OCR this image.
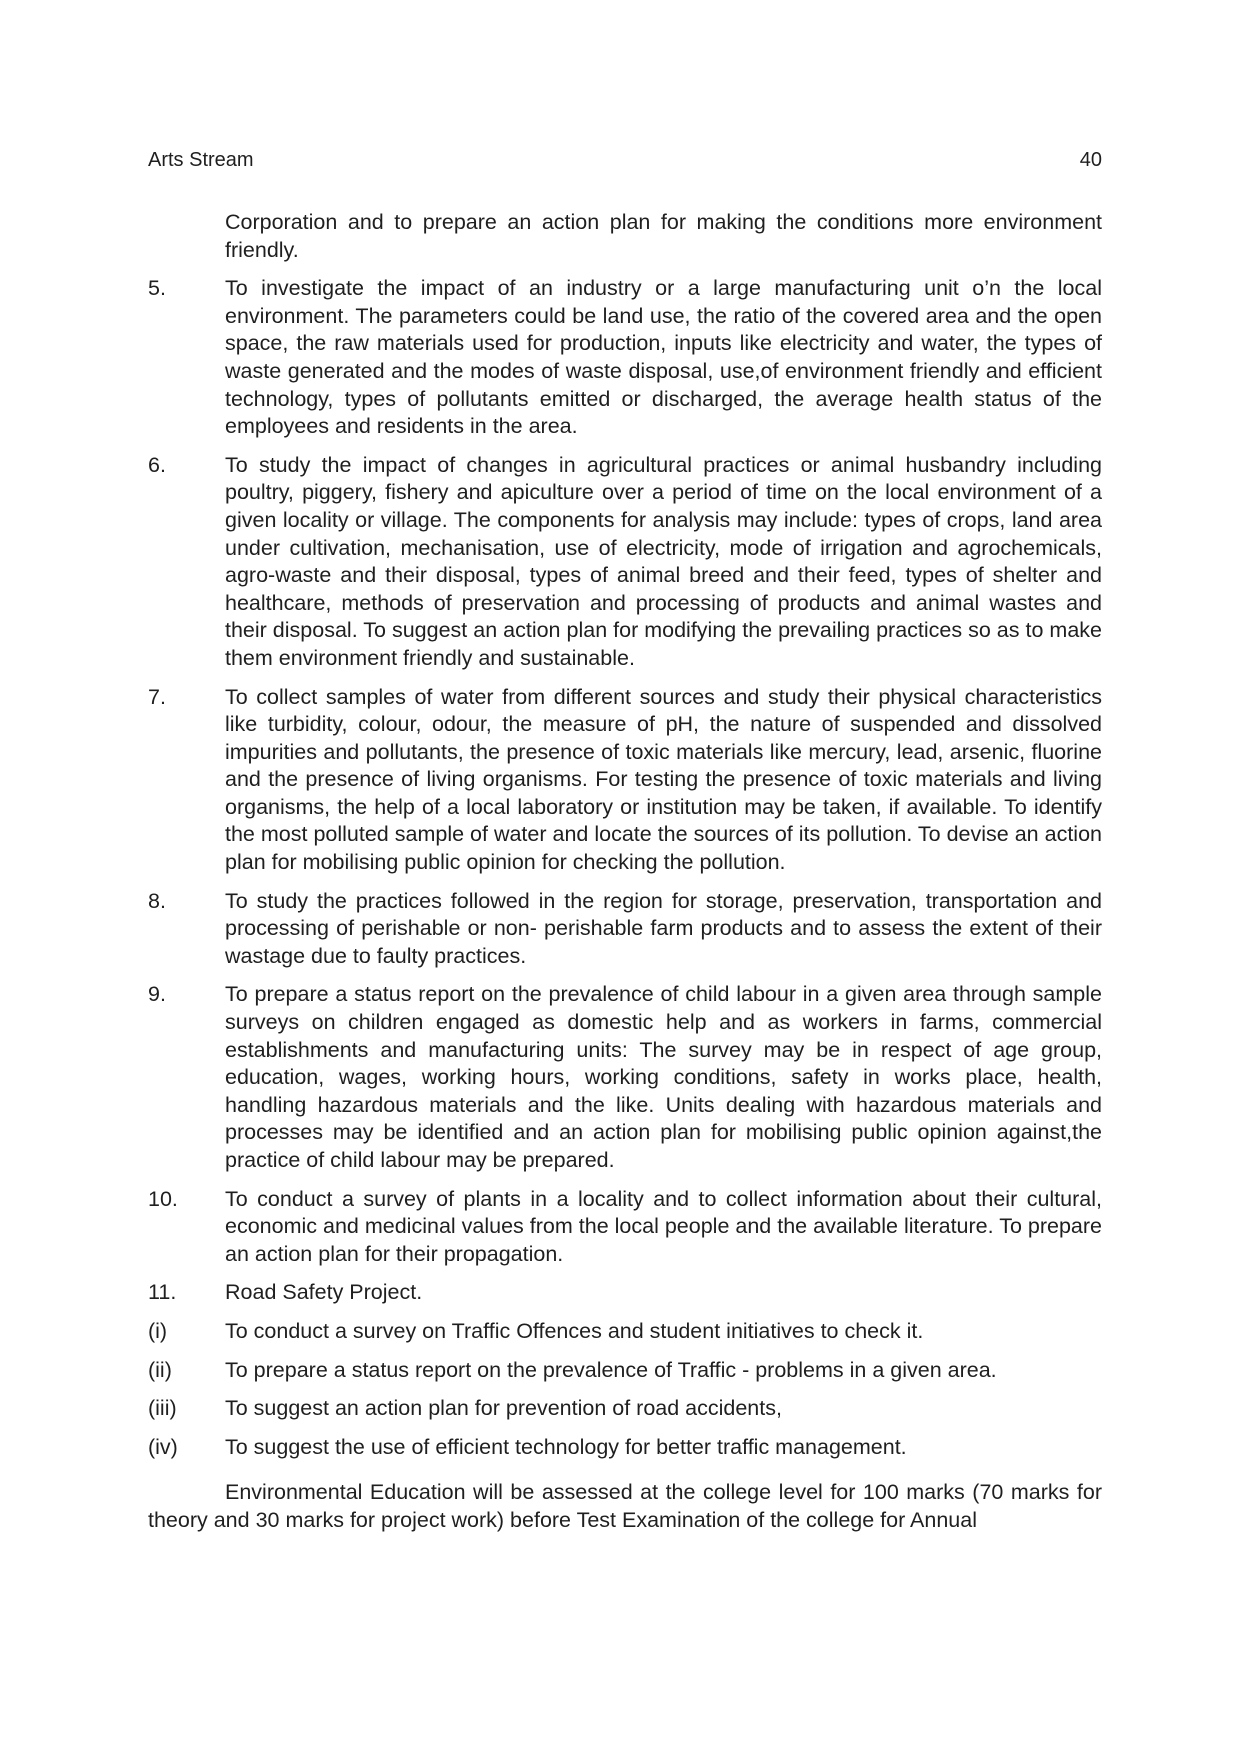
Arts Stream	40

Corporation and to prepare an action plan for making the conditions more environment friendly.

5.	To investigate the impact of an industry or a large manufacturing unit o’n the local environment. The parameters could be land use, the ratio of the covered area and the open space, the raw materials used for production, inputs like electricity and water, the types of waste generated and the modes of waste disposal, use,of environment friendly and efficient technology, types of pollutants emitted or discharged, the average health status of the employees and residents in the area.
6.	To study the impact of changes in agricultural practices or animal husbandry including poultry, piggery, fishery and apiculture over a period of time on the local environment of a given locality or village. The components for analysis may include: types of crops, land area under cultivation, mechanisation, use of electricity, mode of irrigation and agrochemicals, agro-waste and their disposal, types of animal breed and their feed, types of shelter and healthcare, methods of preservation and processing of products and animal wastes and their disposal. To suggest an action plan for modifying the prevailing practices so as to make them environment friendly and sustainable.
7.	To collect samples of water from different sources and study their physical characteristics like turbidity, colour, odour, the measure of pH, the nature of suspended and dissolved impurities and pollutants, the presence of toxic materials like mercury, lead, arsenic, fluorine and the presence of living organisms. For testing the presence of toxic materials and living organisms, the help of a local laboratory or institution may be taken, if available. To identify the most polluted sample of water and locate the sources of its pollution. To devise an action plan for mobilising public opinion for checking the pollution.
8.	To study the practices followed in the region for storage, preservation, transportation and processing of perishable or non- perishable farm products and to assess the extent of their wastage due to faulty practices.
9.	To prepare a status report on the prevalence of child labour in a given area through sample surveys on children engaged as domestic help and as workers in farms, commercial establishments and manufacturing units: The survey may be in respect of age group, education, wages, working hours, working conditions, safety in works place, health, handling hazardous materials and the like. Units dealing with hazardous materials and processes may be identified and an action plan for mobilising public opinion against,the practice of child labour may be prepared.
10. To conduct a survey of plants in a locality and to collect information about their cultural, economic and medicinal values from the local people and the available literature. To prepare an action plan for their propagation.
11. Road Safety Project.
(i)	To conduct a survey on Traffic Offences and student initiatives to check it.
(ii) To prepare a status report on the prevalence of Traffic - problems in a given area.
(iii) To suggest an action plan for prevention of road accidents,
(iv) To suggest the use of efficient technology for better traffic management.

Environmental Education will be assessed at the college level for 100 marks (70 marks for theory and 30 marks for project work) before Test Examination of the college for Annual
